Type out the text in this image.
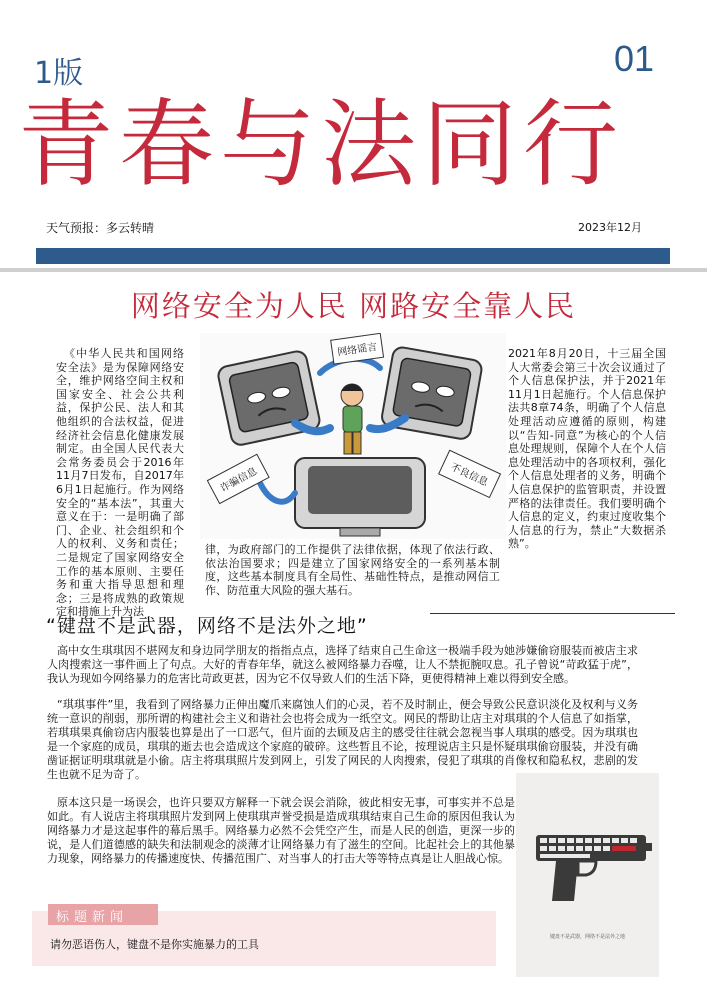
1版	01
青春与法同行
天气预报：多云转晴	2023年12月
网络安全为人民 网路安全靠人民
《中华人民共和国网络安全法》是为保障网络安全，维护网络空间主权和国家安全、社会公共利益，保护公民、法人和其他组织的合法权益，促进经济社会信息化健康发展制定。由全国人民代表大会常务委员会于2016年11月7日发布，自2017年6月1日起施行。作为网络安全的“基本法”，其重大意义在于：一是明确了部门、企业、社会组织和个人的权利、义务和责任；二是规定了国家网络安全工作的基本原则、主要任务和重大指导思想和理念；三是将成熟的政策规定和措施上升为法
网络谣言
诈骗信息	不良信息
律，为政府部门的工作提供了法律依据，体现了依法行政、依法治国要求；四是建立了国家网络安全的一系列基本制度，这些基本制度具有全局性、基础性特点，是推动网信工作、防范重大风险的强大基石。
2021年8月20日，十三届全国人大常委会第三十次会议通过了个人信息保护法，并于2021年11月1日起施行。个人信息保护法共8章74条，明确了个人信息处理活动应遵循的原则，构建以“告知-同意”为核心的个人信息处理规则，保障个人在个人信息处理活动中的各项权利，强化个人信息处理者的义务，明确个人信息保护的监管职责，并设置严格的法律责任。我们要明确个人信息的定义，约束过度收集个人信息的行为，禁止“大数据杀熟”。
“键盘不是武器，网络不是法外之地”
高中女生琪琪因不堪网友和身边同学朋友的指指点点，选择了结束自己生命这一极端手段为她涉嫌偷窃服装而被店主求人肉搜索这一事件画上了句点。大好的青春年华，就这么被网络暴力吞噬，让人不禁扼腕叹息。孔子曾说“苛政猛于虎”，我认为现如今网络暴力的危害比苛政更甚，因为它不仅导致人们的生活下降，更使得精神上难以得到安全感。
“琪琪事件”里，我看到了网络暴力正伸出魔爪来腐蚀人们的心灵，若不及时制止，便会导致公民意识淡化及权利与义务统一意识的削弱，那所谓的构建社会主义和谐社会也将会成为一纸空文。网民的帮助让店主对琪琪的个人信息了如指掌，若琪琪果真偷窃店内服装也算是出了一口恶气，但片面的去顾及店主的感受往往就会忽视当事人琪琪的感受。因为琪琪也是一个家庭的成员，琪琪的逝去也会造成这个家庭的破碎。这些暂且不论，按理说店主只是怀疑琪琪偷窃服装，并没有确凿证据证明琪琪就是小偷。店主将琪琪照片发到网上，引发了网民的人肉搜索，侵犯了琪琪的肖像权和隐私权，悲剧的发生也就不足为奇了。
原本这只是一场误会，也许只要双方解释一下就会误会消除，彼此相安无事，可事实并不总是如此。有人说店主将琪琪照片发到网上使琪琪声誉受损是造成琪琪结束自己生命的原因但我认为网络暴力才是这起事件的幕后黑手。网络暴力必然不会凭空产生，而是人民的创造，更深一步的说，是人们道德感的缺失和法制观念的淡薄才让网络暴力有了滋生的空间。比起社会上的其他暴力现象，网络暴力的传播速度快、传播范围广、对当事人的打击大等等特点真是让人胆战心惊。
键盘不是武器，网络不是法外之地
标题新闻
请勿恶语伤人，键盘不是你实施暴力的工具
